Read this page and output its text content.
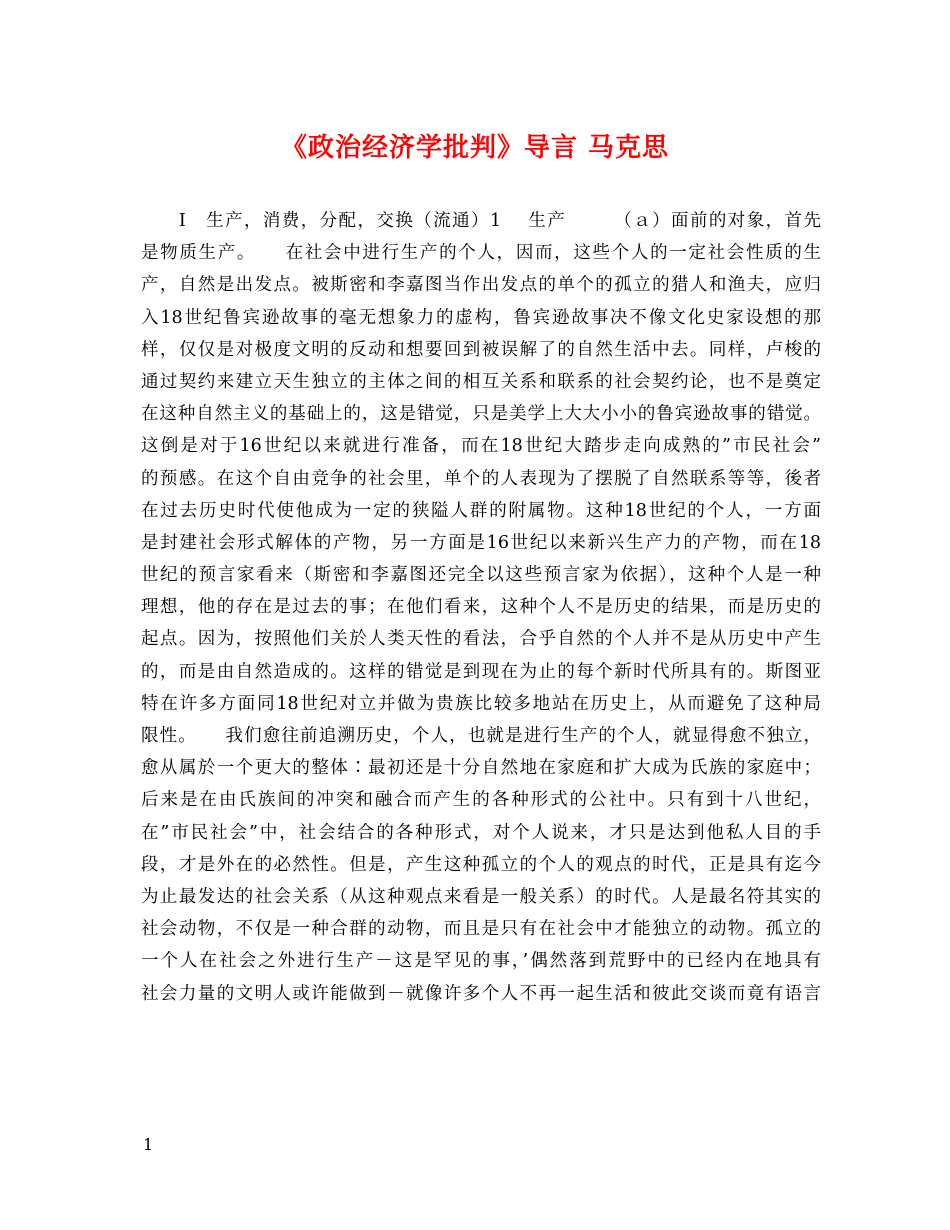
《政治经济学批判》导言 马克思

　　I　生产，消费，分配，交换（流通）1　 生产　　　（ａ）面前的对象，首先

是物质生产。　　在社会中进行生产的个人，因而，这些个人的一定社会性质的生

产，自然是出发点。被斯密和李嘉图当作出发点的单个的孤立的猎人和渔夫，应归

入18世纪鲁宾逊故事的毫无想象力的虚构，鲁宾逊故事决不像文化史家设想的那

样，仅仅是对极度文明的反动和想要回到被误解了的自然生活中去。同样，卢梭的

通过契约来建立天生独立的主体之间的相互关系和联系的社会契约论，也不是奠定

在这种自然主义的基础上的，这是错觉，只是美学上大大小小的鲁宾逊故事的错觉。

这倒是对于16世纪以来就进行准备，而在18世纪大踏步走向成熟的”市民社会”

的预感。在这个自由竞争的社会里，单个的人表现为了摆脱了自然联系等等，後者

在过去历史时代使他成为一定的狭隘人群的附属物。这种18世纪的个人，一方面

是封建社会形式解体的产物，另一方面是16世纪以来新兴生产力的产物，而在18

世纪的预言家看来（斯密和李嘉图还完全以这些预言家为依据），这种个人是一种

理想，他的存在是过去的事；在他们看来，这种个人不是历史的结果，而是历史的

起点。因为，按照他们关於人类天性的看法，合乎自然的个人并不是从历史中产生

的，而是由自然造成的。这样的错觉是到现在为止的每个新时代所具有的。斯图亚

特在许多方面同18世纪对立并做为贵族比较多地站在历史上，从而避免了这种局

限性。　　我们愈往前追溯历史，个人，也就是进行生产的个人，就显得愈不独立，

愈从属於一个更大的整体∶最初还是十分自然地在家庭和扩大成为氏族的家庭中；

后来是在由氏族间的冲突和融合而产生的各种形式的公社中。只有到十八世纪，

在”市民社会”中，社会结合的各种形式，对个人说来，才只是达到他私人目的手

段，才是外在的必然性。但是，产生这种孤立的个人的观点的时代，正是具有迄今

为止最发达的社会关系（从这种观点来看是一般关系）的时代。人是最名符其实的

社会动物，不仅是一种合群的动物，而且是只有在社会中才能独立的动物。孤立的

一个人在社会之外进行生产－这是罕见的事，’偶然落到荒野中的已经内在地具有

社会力量的文明人或许能做到－就像许多个人不再一起生活和彼此交谈而竟有语言

1
